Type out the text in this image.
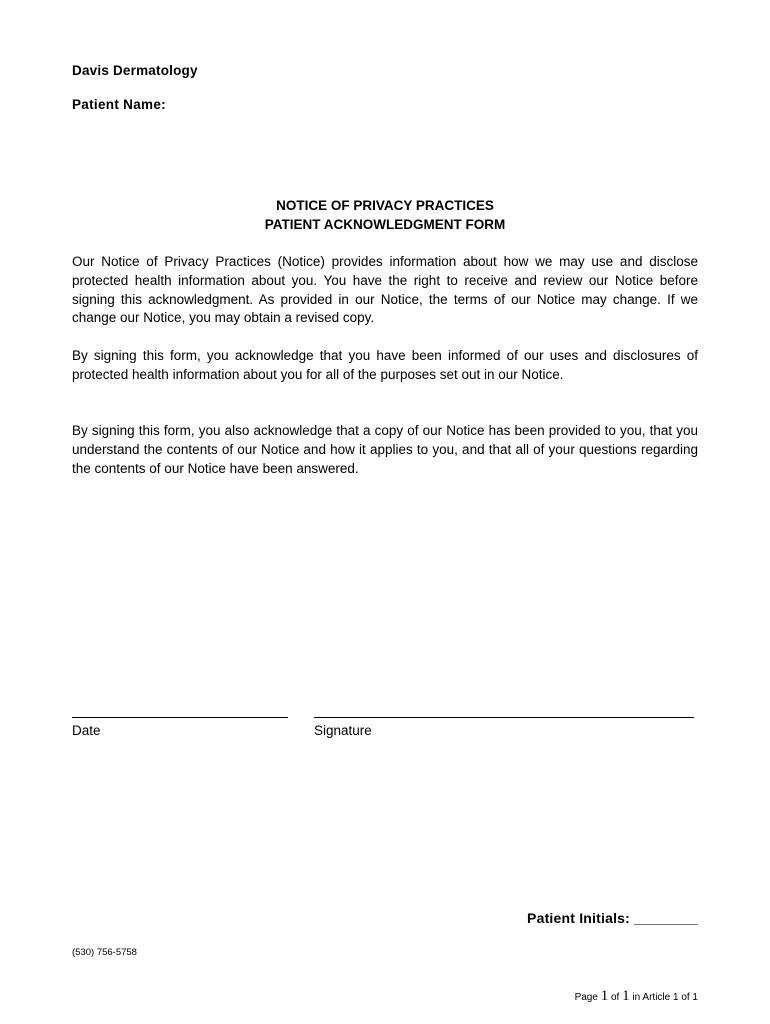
Davis Dermatology
Patient Name:
NOTICE OF PRIVACY PRACTICES
PATIENT ACKNOWLEDGMENT FORM
Our Notice of Privacy Practices (Notice) provides information about how we may use and disclose protected health information about you. You have the right to receive and review our Notice before signing this acknowledgment. As provided in our Notice, the terms of our Notice may change. If we change our Notice, you may obtain a revised copy.
By signing this form, you acknowledge that you have been informed of our uses and disclosures of protected health information about you for all of the purposes set out in our Notice.
By signing this form, you also acknowledge that a copy of our Notice has been provided to you, that you understand the contents of our Notice and how it applies to you, and that all of your questions regarding the contents of our Notice have been answered.
Date	Signature
Patient Initials: ________
(530) 756-5758
Page 1 of 1 in Article 1 of 1
